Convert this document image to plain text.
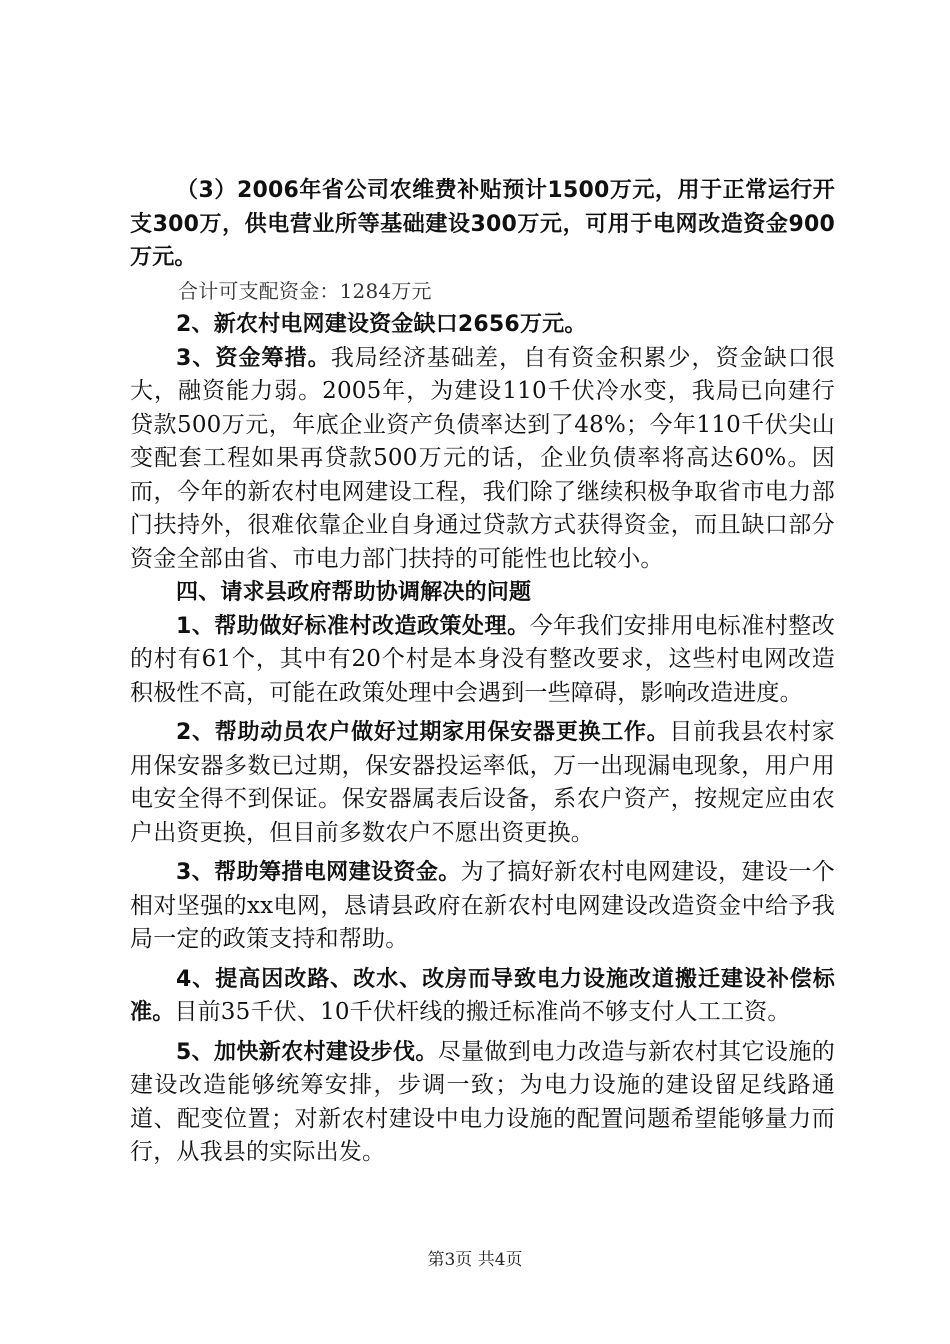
（3）2006年省公司农维费补贴预计1500万元，用于正常运行开支300万，供电营业所等基础建设300万元，可用于电网改造资金900万元。

合计可支配资金：1284万元

2、新农村电网建设资金缺口2656万元。

3、资金筹措。我局经济基础差，自有资金积累少，资金缺口很大，融资能力弱。2005年，为建设110千伏冷水变，我局已向建行贷款500万元，年底企业资产负债率达到了48%；今年110千伏尖山变配套工程如果再贷款500万元的话，企业负债率将高达60%。因而，今年的新农村电网建设工程，我们除了继续积极争取省市电力部门扶持外，很难依靠企业自身通过贷款方式获得资金，而且缺口部分资金全部由省、市电力部门扶持的可能性也比较小。

四、请求县政府帮助协调解决的问题

1、帮助做好标准村改造政策处理。今年我们安排用电标准村整改的村有61个，其中有20个村是本身没有整改要求，这些村电网改造积极性不高，可能在政策处理中会遇到一些障碍，影响改造进度。

2、帮助动员农户做好过期家用保安器更换工作。目前我县农村家用保安器多数已过期，保安器投运率低，万一出现漏电现象，用户用电安全得不到保证。保安器属表后设备，系农户资产，按规定应由农户出资更换，但目前多数农户不愿出资更换。

3、帮助筹措电网建设资金。为了搞好新农村电网建设，建设一个相对坚强的xx电网，恳请县政府在新农村电网建设改造资金中给予我局一定的政策支持和帮助。

4、提高因改路、改水、改房而导致电力设施改道搬迁建设补偿标准。目前35千伏、10千伏杆线的搬迁标准尚不够支付人工工资。

5、加快新农村建设步伐。尽量做到电力改造与新农村其它设施的建设改造能够统筹安排，步调一致；为电力设施的建设留足线路通道、配变位置；对新农村建设中电力设施的配置问题希望能够量力而行，从我县的实际出发。

第3页 共4页
